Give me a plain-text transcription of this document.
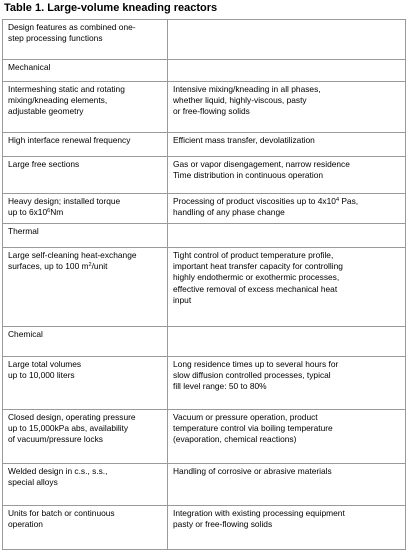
Table 1. Large-volume kneading reactors
Design features as combined one-
step processing functions	

Mechanical	

Intermeshing static and rotating
mixing/kneading elements,
adjustable geometry	Intensive mixing/kneading in all phases,
whether liquid, highly-viscous, pasty
or free-flowing solids

High interface renewal frequency	Efficient mass transfer, devolatilization

Large free sections	Gas or vapor disengagement, narrow residence
Time distribution in continuous operation

Heavy design; installed torque
up to $6x10^6Nm$	Processing of product viscosities up to $4x10^4$ Pas,
handling of any phase change

Thermal	

Large self-cleaning heat-exchange
surfaces, up to 100 $m^2$/unit	Tight control of product temperature profile,
important heat transfer capacity for controlling
highly endothermic or exothermic processes,
effective removal of excess mechanical heat
input

Chemical	

Large total volumes
up to 10,000 liters	Long residence times up to several hours for
slow diffusion controlled processes, typical
fill level range: 50 to 80%

Closed design, operating pressure
up to 15,000kPa abs, availability
of vacuum/pressure locks	Vacuum or pressure operation, product
temperature control via boiling temperature
(evaporation, chemical reactions)

Welded design in c.s., s.s.,
special alloys	Handling of corrosive or abrasive materials

Units for batch or continuous
operation	Integration with existing processing equipment
pasty or free-flowing solids
